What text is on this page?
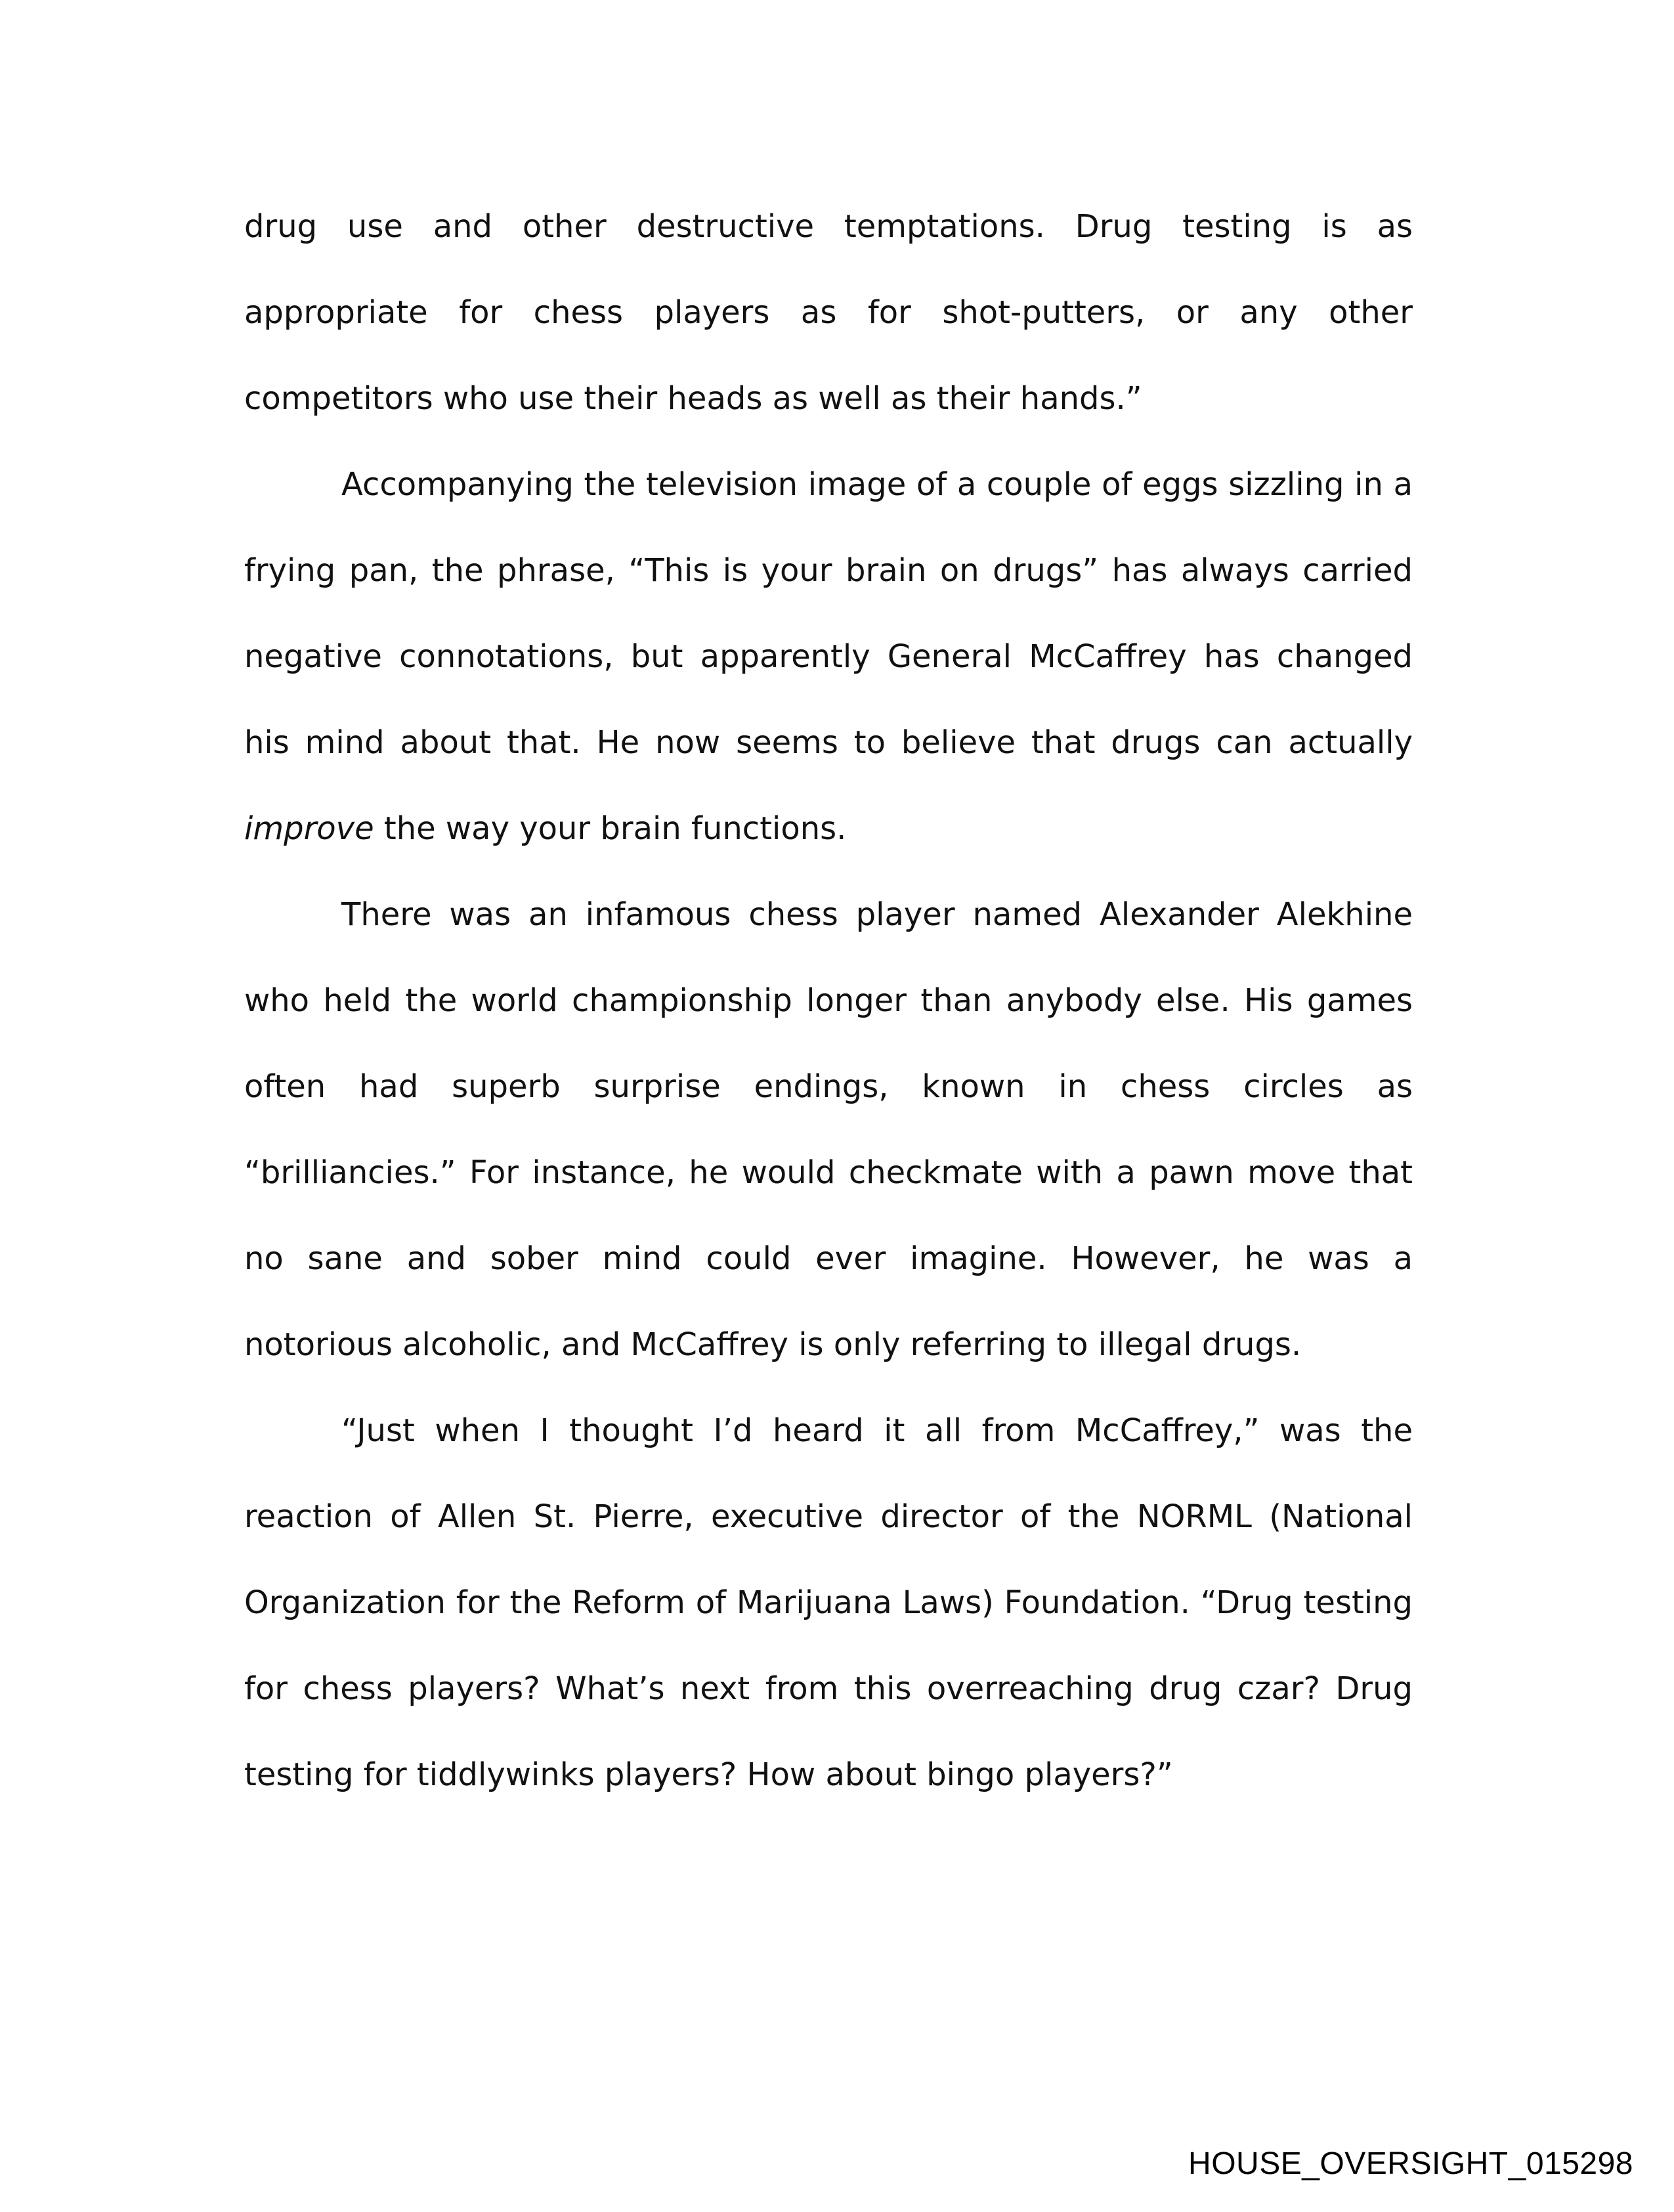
drug use and other destructive temptations. Drug testing is as appropriate for chess players as for shot-putters, or any other competitors who use their heads as well as their hands.”

Accompanying the television image of a couple of eggs sizzling in a frying pan, the phrase, “This is your brain on drugs” has always carried negative connotations, but apparently General McCaffrey has changed his mind about that. He now seems to believe that drugs can actually improve the way your brain functions.

There was an infamous chess player named Alexander Alekhine who held the world championship longer than anybody else. His games often had superb surprise endings, known in chess circles as “brilliancies.” For instance, he would checkmate with a pawn move that no sane and sober mind could ever imagine. However, he was a notorious alcoholic, and McCaffrey is only referring to illegal drugs.

“Just when I thought I’d heard it all from McCaffrey,” was the reaction of Allen St. Pierre, executive director of the NORML (National Organization for the Reform of Marijuana Laws) Foundation. “Drug testing for chess players? What’s next from this overreaching drug czar? Drug testing for tiddlywinks players? How about bingo players?”

HOUSE_OVERSIGHT_015298
